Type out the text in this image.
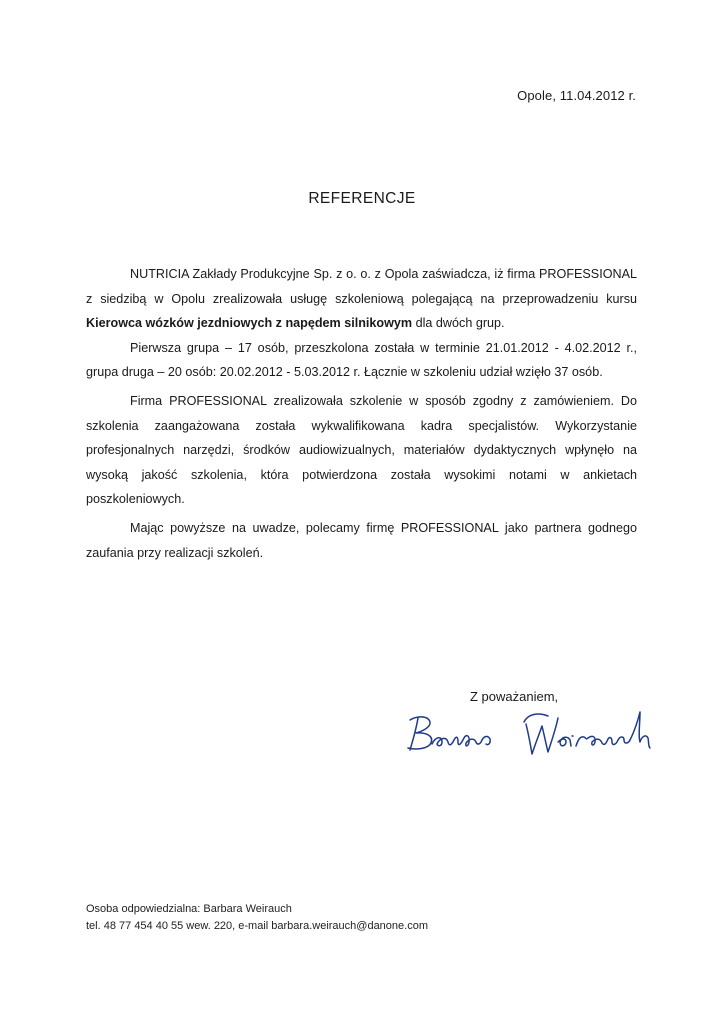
Opole, 11.04.2012 r.
REFERENCJE

NUTRICIA Zakłady Produkcyjne Sp. z o. o. z Opola zaświadcza, iż firma PROFESSIONAL z siedzibą w Opolu zrealizowała usługę szkoleniową polegającą na przeprowadzeniu kursu Kierowca wózków jezdniowych z napędem silnikowym dla dwóch grup.

Pierwsza grupa – 17 osób, przeszkolona została w terminie 21.01.2012 - 4.02.2012 r., grupa druga – 20 osób: 20.02.2012 - 5.03.2012 r. Łącznie w szkoleniu udział wzięło 37 osób.

Firma PROFESSIONAL zrealizowała szkolenie w sposób zgodny z zamówieniem. Do szkolenia zaangażowana została wykwalifikowana kadra specjalistów. Wykorzystanie profesjonalnych narzędzi, środków audiowizualnych, materiałów dydaktycznych wpłynęło na wysoką jakość szkolenia, która potwierdzona została wysokimi notami w ankietach poszkoleniowych.

Mając powyższe na uwadze, polecamy firmę PROFESSIONAL jako partnera godnego zaufania przy realizacji szkoleń.

Z poważaniem,
Osoba odpowiedzialna: Barbara Weirauch
tel. 48 77 454 40 55 wew. 220, e-mail barbara.weirauch@danone.com
